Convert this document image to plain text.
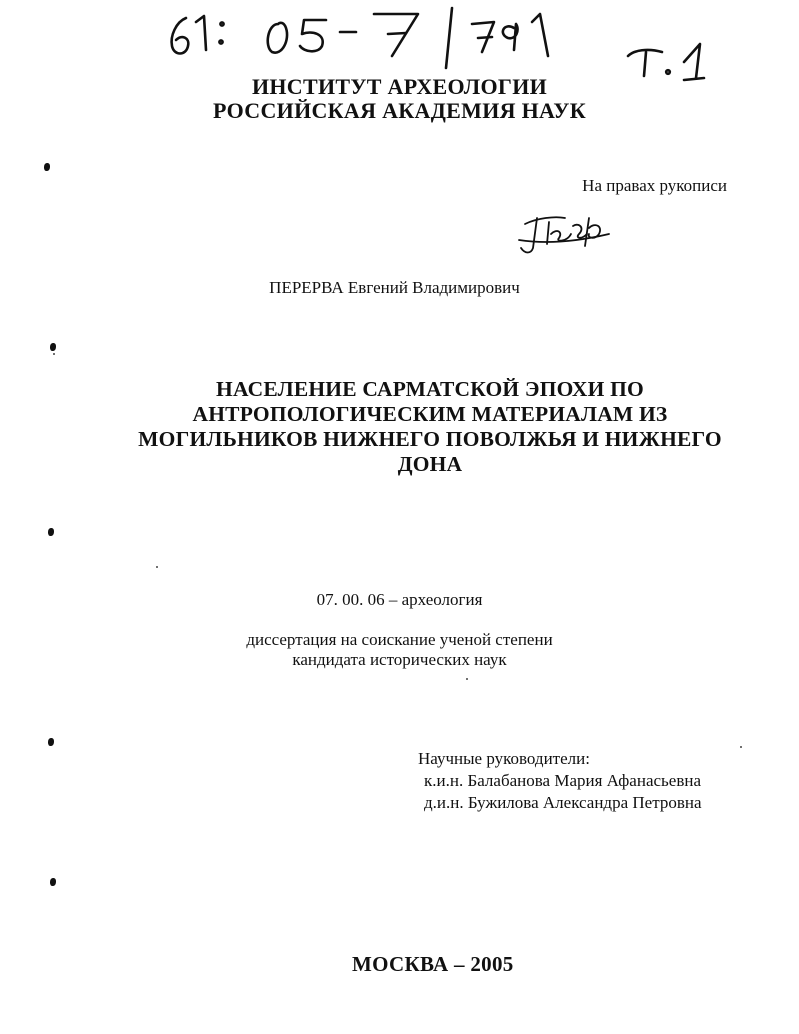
ИНСТИТУТ АРХЕОЛОГИИ
РОССИЙСКАЯ АКАДЕМИЯ НАУК
На правах рукописи
ПЕРЕРВА Евгений Владимирович
НАСЕЛЕНИЕ САРМАТСКОЙ ЭПОХИ ПО
АНТРОПОЛОГИЧЕСКИМ МАТЕРИАЛАМ ИЗ
МОГИЛЬНИКОВ НИЖНЕГО ПОВОЛЖЬЯ И НИЖНЕГО
ДОНА
07. 00. 06 – археология
диссертация на соискание ученой степени
кандидата исторических наук
Научные руководители:
к.и.н. Балабанова Мария Афанасьевна
д.и.н. Бужилова Александра Петровна
МОСКВА – 2005
